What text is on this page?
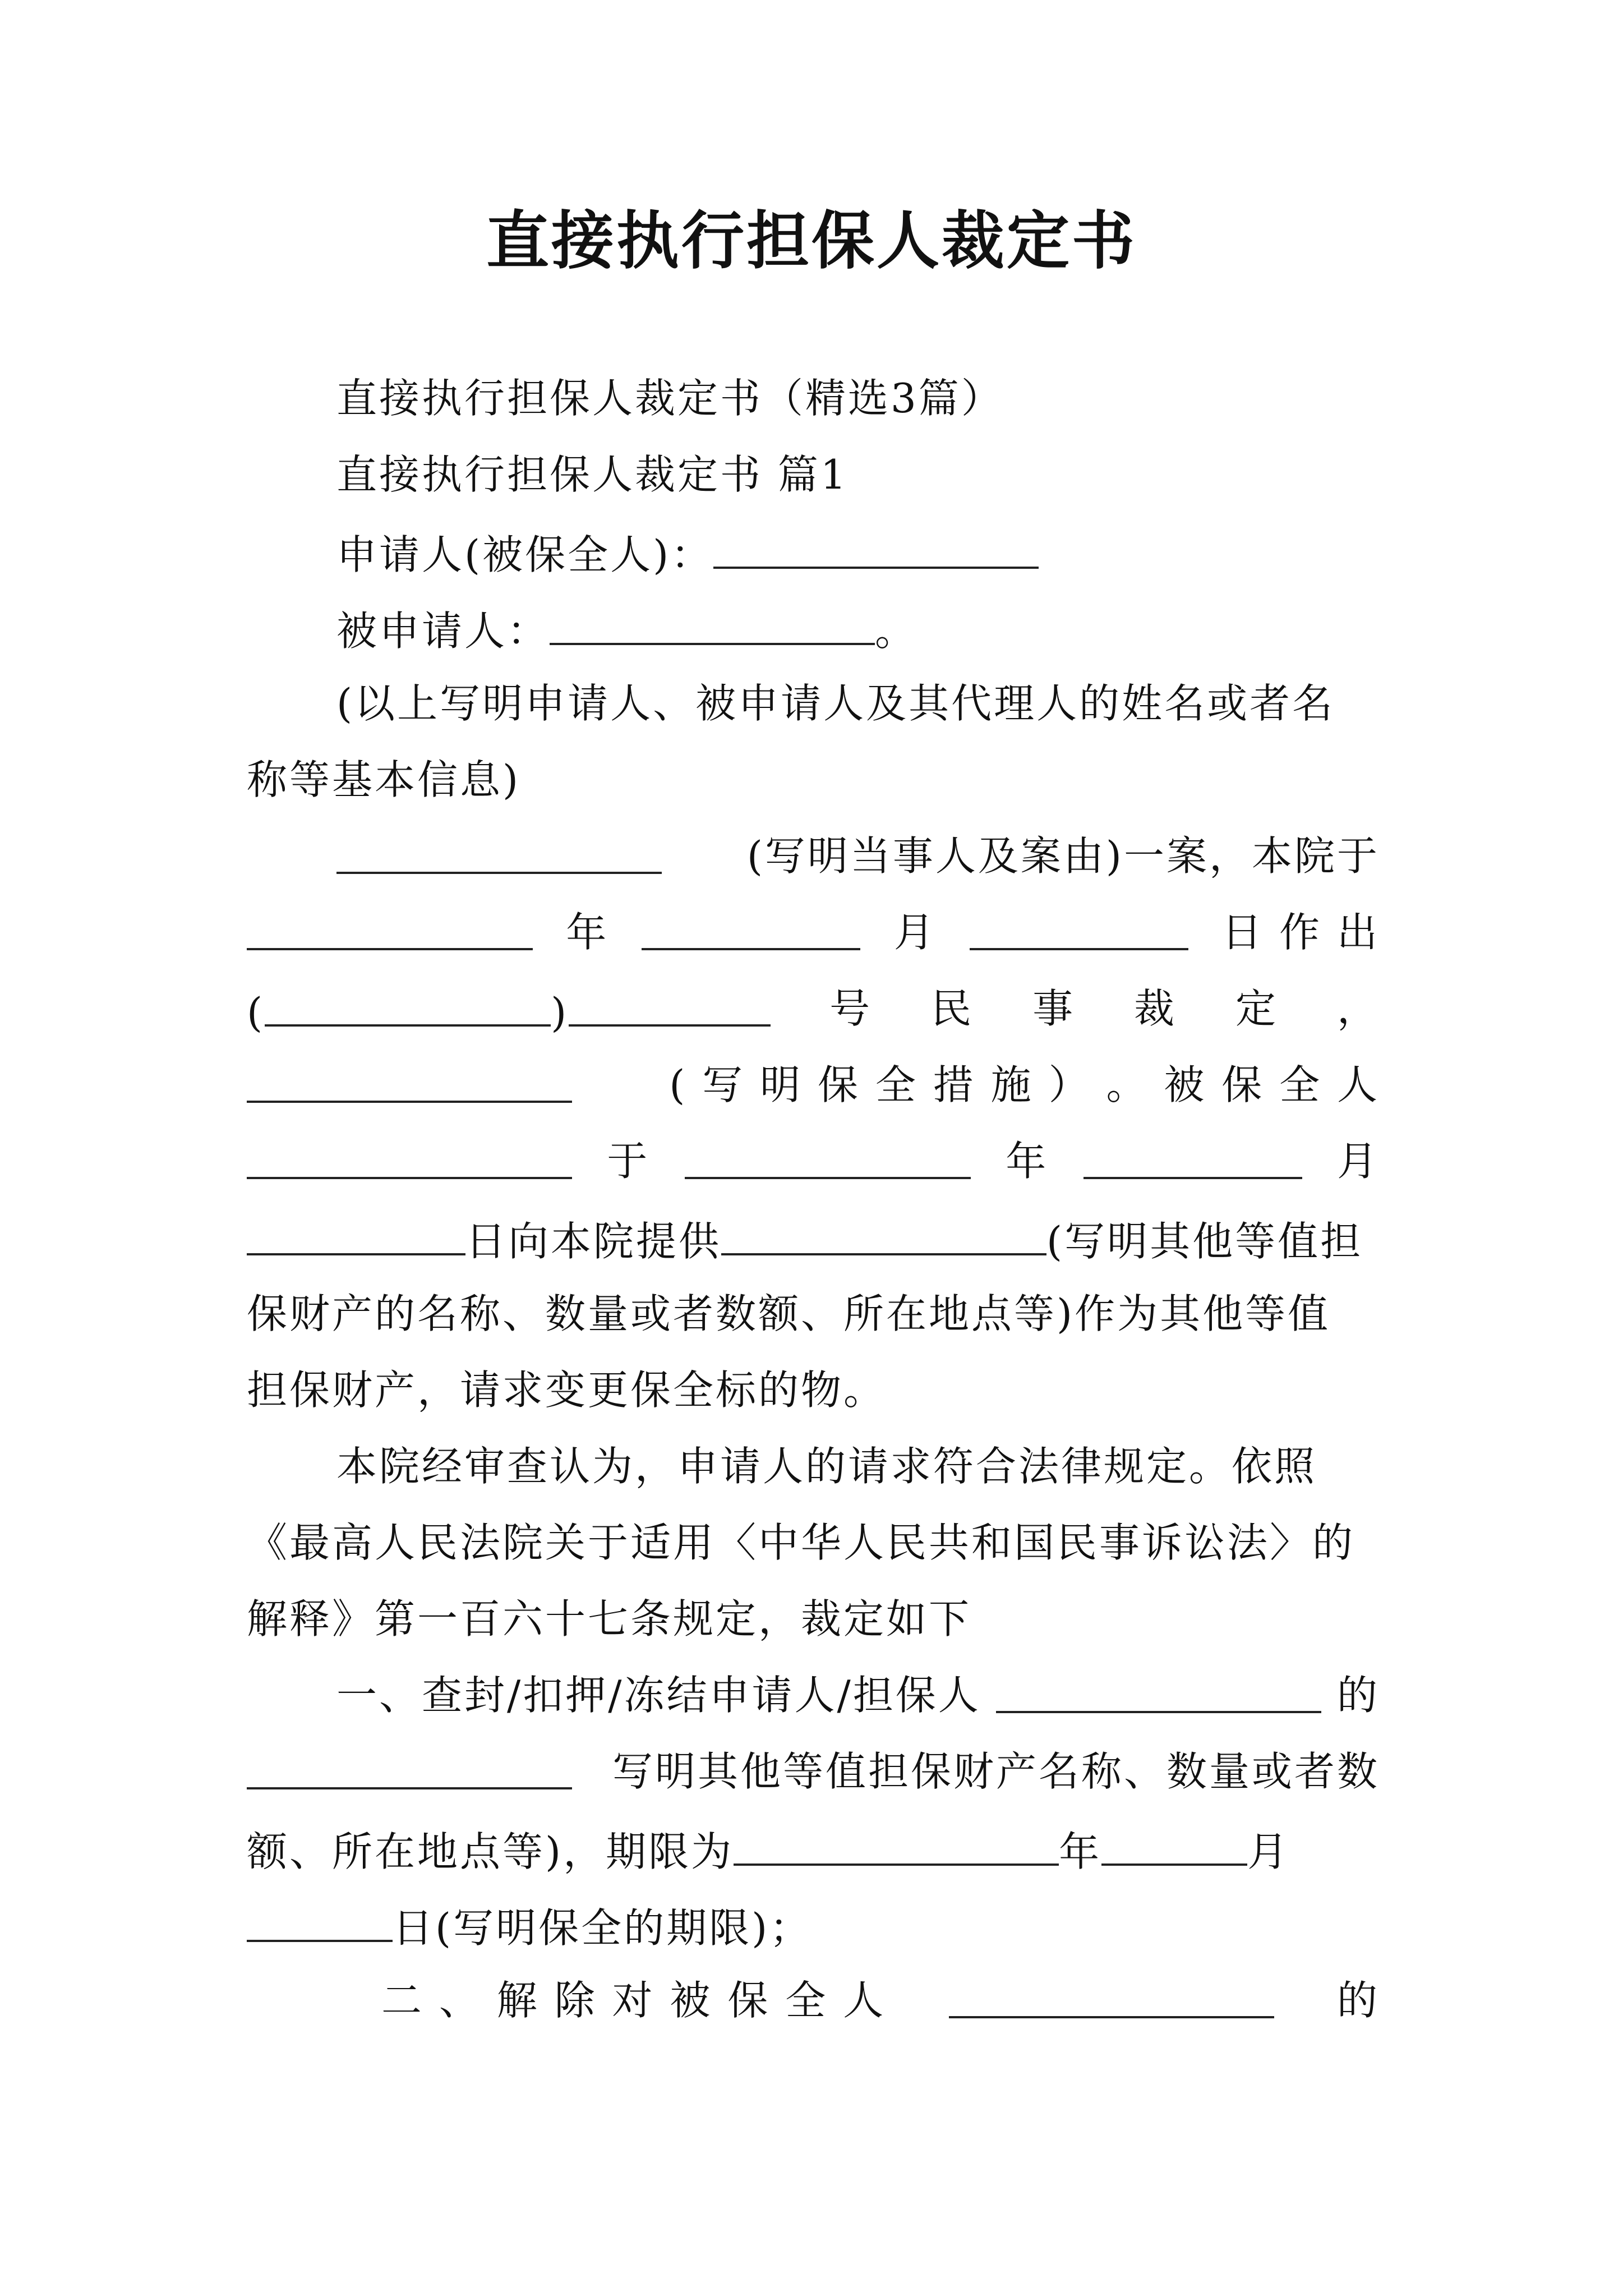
直接执行担保人裁定书
直接执行担保人裁定书（精选3篇）
直接执行担保人裁定书 篇1
申请人(被保全人)：
被申请人：	。
(以上写明申请人、被申请人及其代理人的姓名或者名
称等基本信息)
(写明当事人及案由)一案，本院于
年	月	日 作 出
(	)	号 民 事 裁 定 ，
( 写 明 保 全 措 施 ） 。 被 保 全 人
于	年	月
日向本院提供	(写明其他等值担
保财产的名称、数量或者数额、所在地点等)作为其他等值
担保财产，请求变更保全标的物。
本院经审查认为，申请人的请求符合法律规定。依照
《最高人民法院关于适用〈中华人民共和国民事诉讼法〉的
解释》第一百六十七条规定，裁定如下
一、查封/扣押/冻结申请人/担保人	的
写明其他等值担保财产名称、数量或者数
额、所在地点等)，期限为	年	月
日(写明保全的期限)；
二 、 解 除 对 被 保 全 人	的
